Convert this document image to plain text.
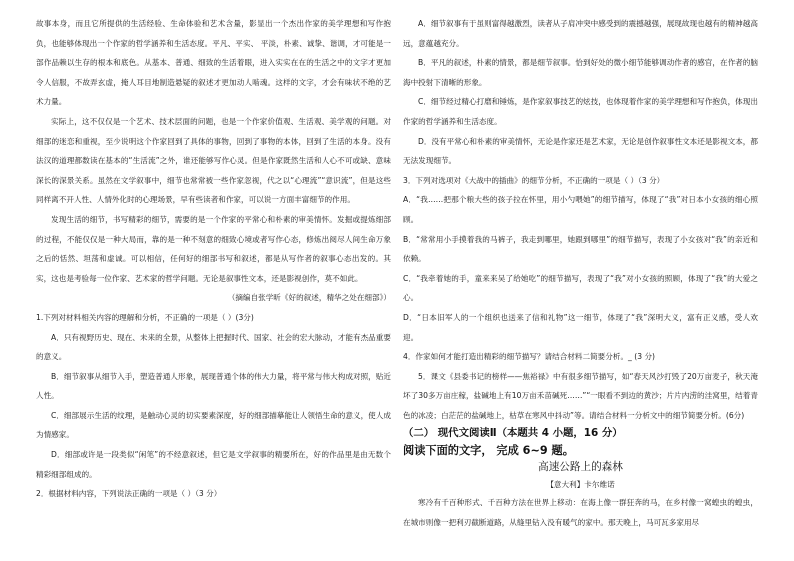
故事本身，而且它所提供的生活经验、生命体验和艺术含量，影显出一个杰出作家的美学理想和写作抱负，也能够体现出一个作家的哲学涵养和生活态度。平凡、平实、 平淡，朴素、诚挚、谐调，才可能是一部作品赖以生存的根本和底色。从基本、普通、细致的生活着眼，进入实实在在的生活之中的文字才更加令人信服，不故弄玄虚，掩人耳目地制造悬疑的叙述才更加动人啮魂。这样的文字，才会有味状不绝的艺术力量。

实际上，这不仅仅是一个艺术、技术层面的问题，也是一个作家价值观、生活观、美学观的问题。对细部的迷恋和重视，至少说明这个作家回到了具体的事物，回到了事物的本体，回到了生活的本身。没有法汉的道理都数读在基本的“生活流”之外，谁还能够写作心灵。但是作家既然生活和人心不可或缺、意味深长的深景关系。虽然在文学叙事中，细节也常常被一些作家忽视，代之以“心理流”“意识流”，但是这些同样离不开人性、人情外化时的心理场景，早有些读者和作家，可以说一方面丰富细节的作用。

发现生活的细节，书写精彩的细节，需要的是一个作家的平常心和朴素的审美情怀。发掘或提炼细部的过程，不能仅仅是一种大局而，靠的是一种不刻意的细致心境或者写作心态，修炼出阅尽人间生命万象之后的恬然、坦荡和虚诚。可以相信，任何好的细部书写和叙述，都是从写作者的叙事心态出发的。其实，这也是考验每一位作家、艺术家的哲学问题。无论是叙事性文本，还是影视创作，莫不如此。

（摘编自张学昕《好的叙述，精华之处在细部》）

1.下列对材料相关内容的理解和分析，不正确的一项是（ ）(3分)

A．只有视野历史、现在、未来的全景，从整体上把握时代、国家、社会的宏大脉动，才能有杰品重要的意义。

B．细节叙事从细节入手，塑造普通人形象，展现普通个体的伟大力量，将平常与伟大构成对照，贴近人性。

C．细部展示生活的纹理，是触动心灵的切实要素深度，好的细部描摹能让人领悟生命的意义，使人成为情感家。

D．细部或许是一段类似“闲笔”的不经意叙述，但它是文学叙事的精要所在，好的作品里是由无数个精彩细部组成的。

2．根据材料内容，下列说法正确的一项是（ ）（3 分）

A．细节叙事有于虽则富得越激烈，读者从子肩冲突中感受到的震撼越强，展现故现也越有的精神越高远，意蕴越充分。

B．平凡的叙述，朴素的情景，都是细节叙事。恰到好处的微小细节能够调动作者的感官，在作者的脑海中投射下清晰的形象。

C．细节经过精心打磨和锤炼，是作家叙事技艺的炫技，也体现着作家的美学理想和写作抱负，体现出作家的哲学涵养和生活态度。

D．没有平常心和朴素的审美情怀，无论是作家还是艺术家，无论是创作叙事性文本还是影视文本，都无法发现细节。

3．下列对选项对《大战中的插曲》的细节分析，不正确的一项是（ ）（3 分）

A．“我……把那个粮大些的孩子拉在怀里，用小勺喂她”的细节描写，体现了“我”对日本小女孩的细心照顾。

B．“常常用小手摸着我的马裤子，我走到哪里，她跟到哪里”的细节描写，表现了小女孩对“我”的亲近和依赖。

C．“我牵着她的手，童来来吴了给她吃”的细节描写，表现了“我”对小女孩的照顾，体现了“我”的大爱之心。

D．“日本旧军人的一个组织也送来了信和礼物”这一细节，体现了“我”深明大义，富有正义感，受人欢迎。

4．作家如何才能打造出精彩的细节描写？请结合材料二简要分析。_ (3 分)

5．课文《县委书记的榜样——焦裕禄》中有很多细节描写，如“春天风沙打毁了20万亩麦子，秋天淹坏了30多万亩庄稼，盐碱地上有10万亩禾苗碱死……”“一眼看不到边的黄沙；片片内涝的洼窝里，结着青色的冰凌；白茫茫的盐碱地上，枯草在寒风中抖动”等。请结合材料一分析文中的细节简要分析。(6分)

（二） 现代文阅读Ⅱ（本题共 4 小题，16 分）

阅读下面的文字， 完成 6~9 题。

高速公路上的森林

【意大利】卡尔维诺

寒冷有千百种形式、千百种方法在世界上移动：在海上像一群狂奔的马，在乡村像一窝蝗虫的蝗虫，在城市则像一把利刃截断道路，从缝里钻入没有暖气的家中。那天晚上，马可瓦多家用尽
